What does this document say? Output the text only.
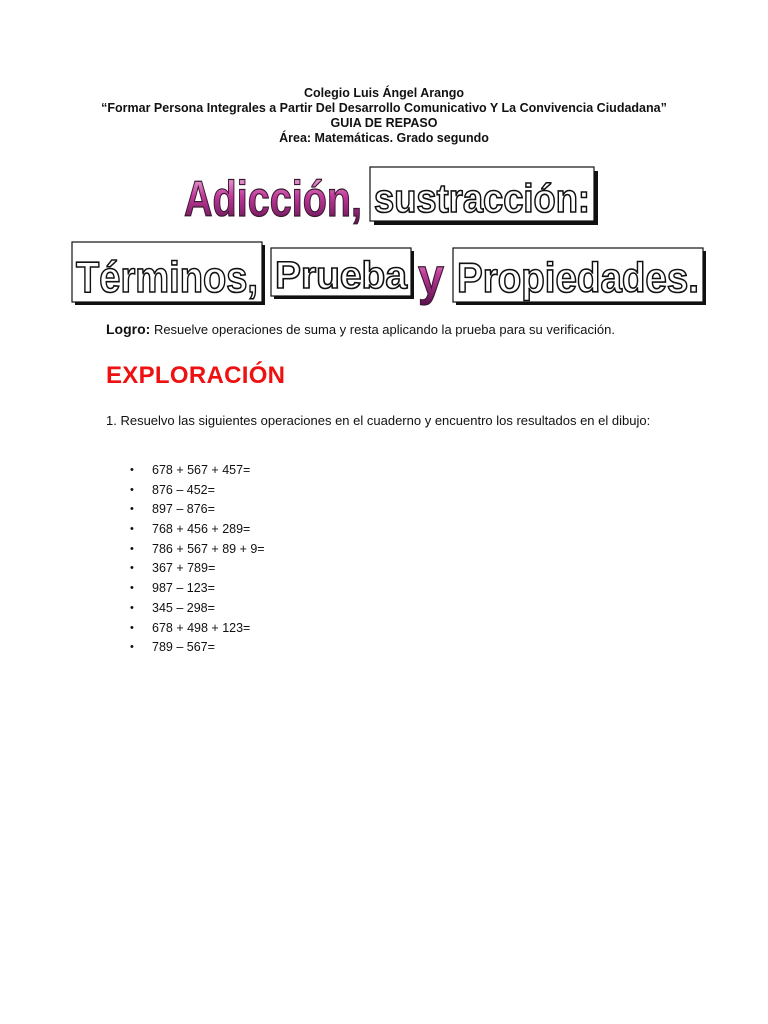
Colegio Luis Ángel Arango
“Formar Persona Integrales a Partir Del Desarrollo Comunicativo Y La Convivencia Ciudadana”
GUIA DE REPASO
Área: Matemáticas. Grado segundo
Adicción, sustracción:
Términos, Prueba y Propiedades.
Logro: Resuelve operaciones de suma y resta aplicando la prueba para su verificación.
EXPLORACIÓN
1. Resuelvo las siguientes operaciones en el cuaderno y encuentro los resultados en el dibujo:
• 678 + 567 + 457=
• 876 – 452=
• 897 – 876=
• 768 + 456 + 289=
• 786 + 567 + 89 + 9=
• 367 + 789=
• 987 – 123=
• 345 – 298=
• 678 + 498 + 123=
• 789 – 567=
